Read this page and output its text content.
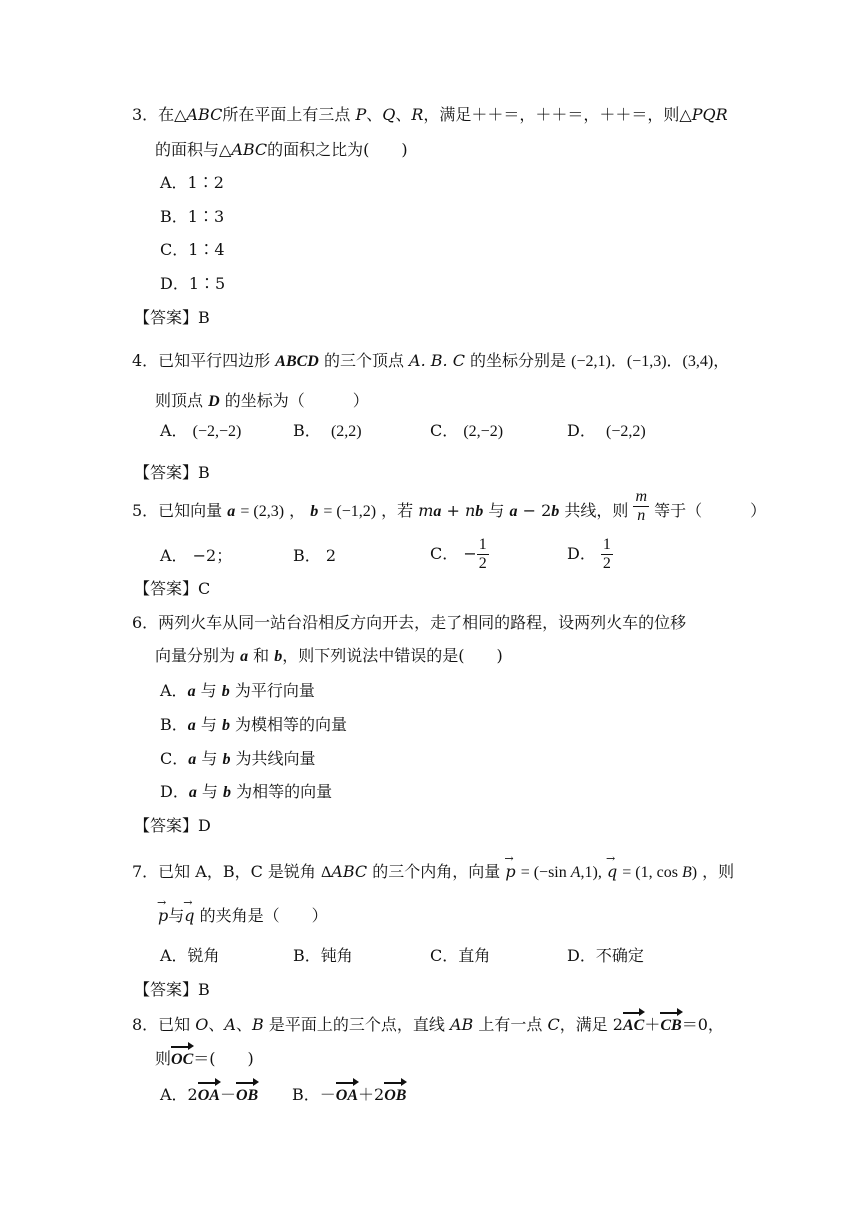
3．在△ABC所在平面上有三点 P、Q、R，满足＋＋＝，＋＋＝，＋＋＝，则△PQR
的面积与△ABC的面积之比为(　　)
A．1∶2
B．1∶3
C．1∶4
D．1∶5
【答案】B
4．已知平行四边形 ABCD 的三个顶点 A. B. C 的坐标分别是 (−2,1)．(−1,3)．(3,4)，
则顶点 D 的坐标为（　　　）
A． (−2,−2)	B．  (2,2)	C． (2,−2)	D．  (−2,2)
【答案】B
5．已知向量 a = (2,3) ， b = (−1,2) ，若 ma + nb 与 a − 2b 共线，则 $\frac{m}{n}$ 等于（　　　）
A． −2；	B． 2	C． − $\frac{1}{2}$	D． $\frac{1}{2}$
【答案】C
6．两列火车从同一站台沿相反方向开去，走了相同的路程，设两列火车的位移
向量分别为 a 和 b，则下列说法中错误的是(　　)
A．a 与 b 为平行向量
B．a 与 b 为模相等的向量
C．a 与 b 为共线向量
D．a 与 b 为相等的向量
【答案】D
7．已知 A，B，C 是锐角 ΔABC 的三个内角，向量 → p = (−sin A,1), → q = (1, cos B) ，则
→ p与→ q 的夹角是（　　）
A．锐角	B．钝角	C．直角	D．不确定
【答案】B
8．已知 O、A、B 是平面上的三个点，直线 AB 上有一点 C，满足 2AC＋CB＝0，
则OC＝(　　)
A．2OA－OB B．－OA＋2OB
